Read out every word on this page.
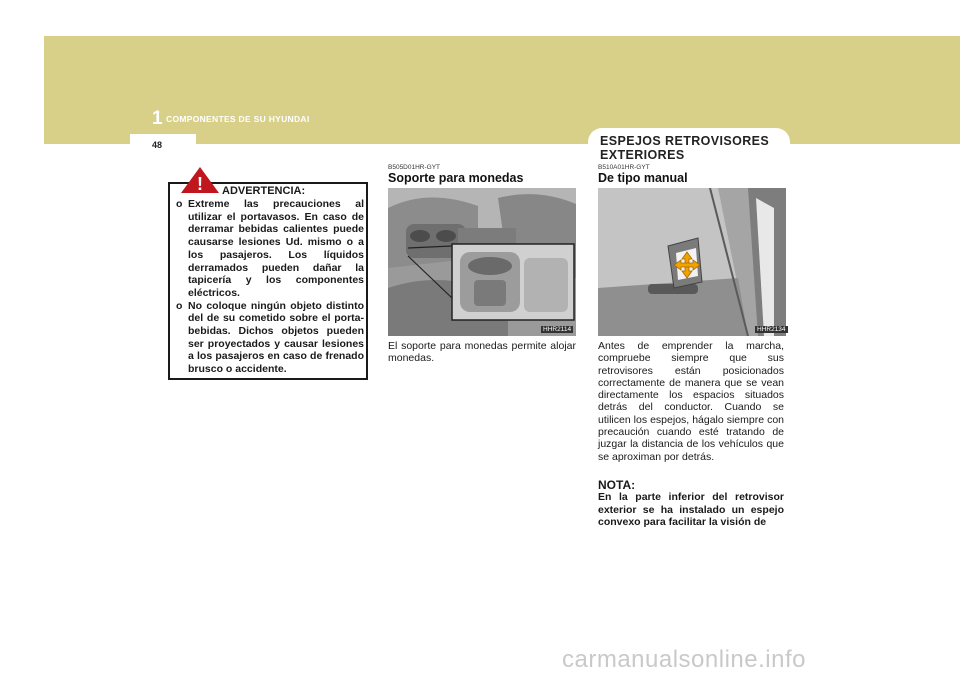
1 COMPONENTES DE SU HYUNDAI
48	ESPEJOS RETROVISORES EXTERIORES
! ADVERTENCIA:
o Extreme las precauciones al utilizar el portavasos. En caso de derramar bebidas calientes puede causarse lesiones Ud. mismo o a los pasajeros. Los líquidos derramados pueden dañar la tapicería y los componentes eléctricos.
o No coloque ningún objeto distinto del de su cometido sobre el porta-bebidas. Dichos objetos pueden ser proyectados y causar lesiones a los pasajeros en caso de frenado brusco o accidente.
B505D01HR-GYT
Soporte para monedas
HHR2114
El soporte para monedas permite alojar monedas.
B510A01HR-GYT
De tipo manual
HHR2134
Antes de emprender la marcha, compruebe siempre que sus retrovisores están posicionados correctamente de manera que se vean directamente los espacios situados detrás del conductor. Cuando se utilicen los espejos, hágalo siempre con precaución cuando esté tratando de juzgar la distancia de los vehículos que se aproximan por detrás.
NOTA:
En la parte inferior del retrovisor exterior se ha instalado un espejo convexo para facilitar la visión de
carmanualsonline.info
